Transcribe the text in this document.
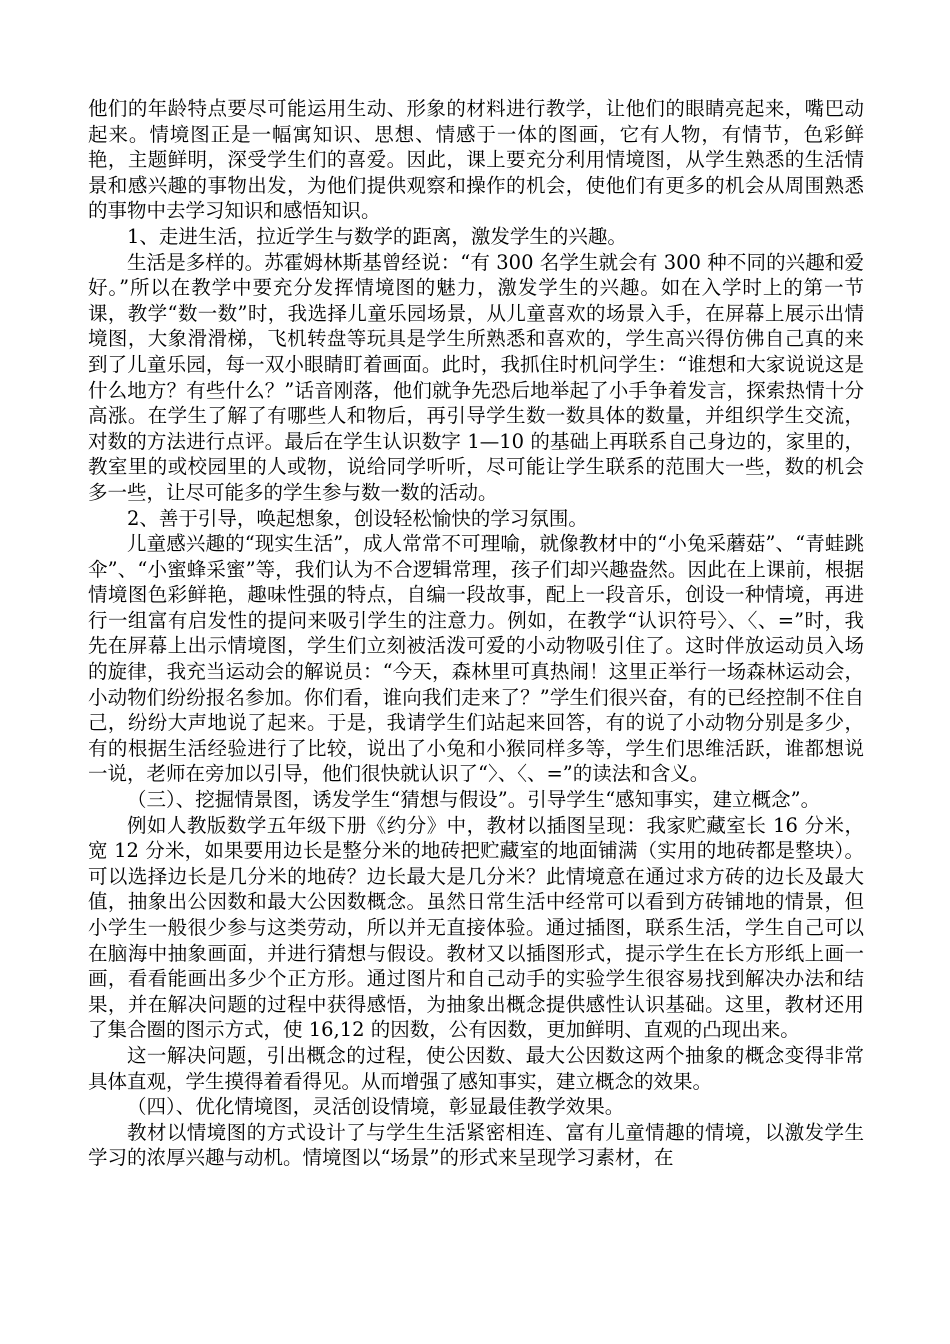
他们的年龄特点要尽可能运用生动、形象的材料进行教学，让他们的眼睛亮起来，嘴巴动起来。情境图正是一幅寓知识、思想、情感于一体的图画，它有人物，有情节，色彩鲜艳，主题鲜明，深受学生们的喜爱。因此，课上要充分利用情境图，从学生熟悉的生活情景和感兴趣的事物出发，为他们提供观察和操作的机会，使他们有更多的机会从周围熟悉的事物中去学习知识和感悟知识。

1、走进生活，拉近学生与数学的距离，激发学生的兴趣。

生活是多样的。苏霍姆林斯基曾经说：“有 300 名学生就会有 300 种不同的兴趣和爱好。”所以在教学中要充分发挥情境图的魅力，激发学生的兴趣。如在入学时上的第一节课，教学“数一数”时，我选择儿童乐园场景，从儿童喜欢的场景入手，在屏幕上展示出情境图，大象滑滑梯，飞机转盘等玩具是学生所熟悉和喜欢的，学生高兴得仿佛自己真的来到了儿童乐园，每一双小眼睛盯着画面。此时，我抓住时机问学生：“谁想和大家说说这是什么地方？有些什么？”话音刚落，他们就争先恐后地举起了小手争着发言，探索热情十分高涨。在学生了解了有哪些人和物后，再引导学生数一数具体的数量，并组织学生交流，对数的方法进行点评。最后在学生认识数字 1—10 的基础上再联系自己身边的，家里的，教室里的或校园里的人或物，说给同学听听，尽可能让学生联系的范围大一些，数的机会多一些，让尽可能多的学生参与数一数的活动。

2、善于引导，唤起想象，创设轻松愉快的学习氛围。

儿童感兴趣的“现实生活”，成人常常不可理喻，就像教材中的“小兔采蘑菇”、“青蛙跳伞”、“小蜜蜂采蜜”等，我们认为不合逻辑常理，孩子们却兴趣盎然。因此在上课前，根据情境图色彩鲜艳，趣味性强的特点，自编一段故事，配上一段音乐，创设一种情境，再进行一组富有启发性的提问来吸引学生的注意力。例如，在教学“认识符号〉、〈、=”时，我先在屏幕上出示情境图，学生们立刻被活泼可爱的小动物吸引住了。这时伴放运动员入场的旋律，我充当运动会的解说员：“今天，森林里可真热闹！这里正举行一场森林运动会，小动物们纷纷报名参加。你们看，谁向我们走来了？”学生们很兴奋，有的已经控制不住自己，纷纷大声地说了起来。于是，我请学生们站起来回答，有的说了小动物分别是多少，有的根据生活经验进行了比较，说出了小兔和小猴同样多等，学生们思维活跃，谁都想说一说，老师在旁加以引导，他们很快就认识了“〉、〈、=”的读法和含义。

（三）、挖掘情景图，诱发学生“猜想与假设”。引导学生“感知事实，建立概念”。

例如人教版数学五年级下册《约分》中，教材以插图呈现：我家贮藏室长 16 分米，宽 12 分米，如果要用边长是整分米的地砖把贮藏室的地面铺满（实用的地砖都是整块）。可以选择边长是几分米的地砖？边长最大是几分米？此情境意在通过求方砖的边长及最大值，抽象出公因数和最大公因数概念。虽然日常生活中经常可以看到方砖铺地的情景，但小学生一般很少参与这类劳动，所以并无直接体验。通过插图，联系生活，学生自己可以在脑海中抽象画面，并进行猜想与假设。教材又以插图形式，提示学生在长方形纸上画一画，看看能画出多少个正方形。通过图片和自己动手的实验学生很容易找到解决办法和结果，并在解决问题的过程中获得感悟，为抽象出概念提供感性认识基础。这里，教材还用了集合圈的图示方式，使 16,12 的因数，公有因数，更加鲜明、直观的凸现出来。

这一解决问题，引出概念的过程，使公因数、最大公因数这两个抽象的概念变得非常具体直观，学生摸得着看得见。从而增强了感知事实，建立概念的效果。

（四）、优化情境图，灵活创设情境，彰显最佳教学效果。

教材以情境图的方式设计了与学生生活紧密相连、富有儿童情趣的情境，以激发学生学习的浓厚兴趣与动机。情境图以“场景”的形式来呈现学习素材，在
